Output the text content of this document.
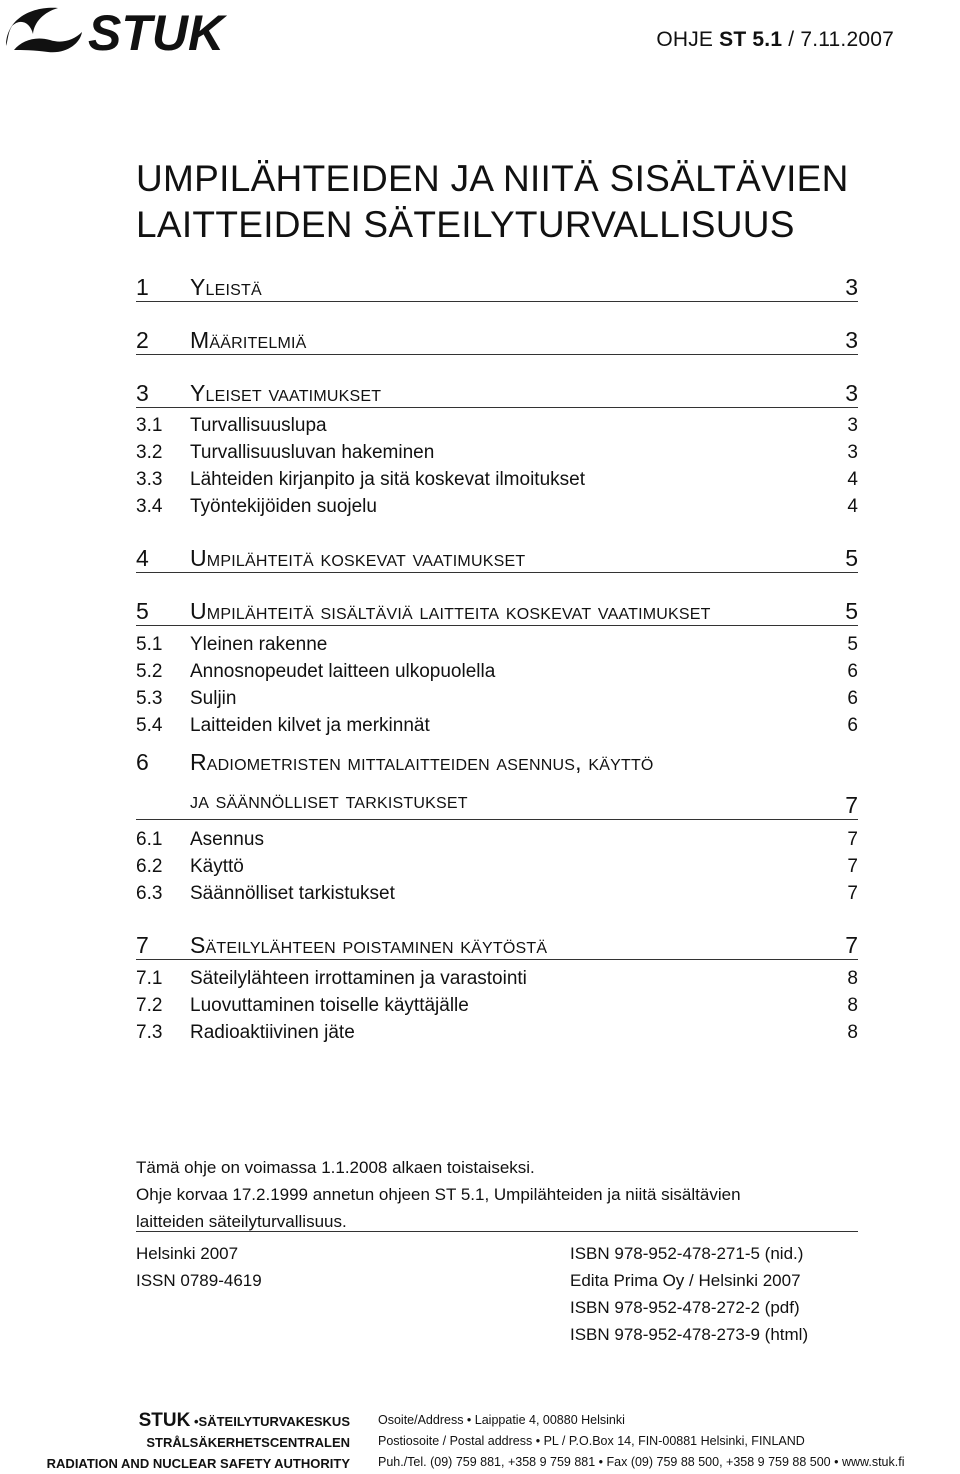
STUK	OHJE ST 5.1 / 7.11.2007
UMPILÄHTEIDEN JA NIITÄ SISÄLTÄVIEN
LAITTEIDEN SÄTEILYTURVALLISUUS
1	Yleistä	3
2	Määritelmiä	3
3	Yleiset vaatimukset	3
3.1	Turvallisuuslupa	3
3.2	Turvallisuusluvan hakeminen	3
3.3	Lähteiden kirjanpito ja sitä koskevat ilmoitukset	4
3.4	Työntekijöiden suojelu	4
4	Umpilähteitä koskevat vaatimukset	5
5	Umpilähteitä sisältäviä laitteita koskevat vaatimukset	5
5.1	Yleinen rakenne	5
5.2	Annosnopeudet laitteen ulkopuolella	6
5.3	Suljin	6
5.4	Laitteiden kilvet ja merkinnät	6
6	Radiometristen mittalaitteiden asennus, käyttö
ja säännölliset tarkistukset	7
6.1	Asennus	7
6.2	Käyttö	7
6.3	Säännölliset tarkistukset	7
7	Säteilylähteen poistaminen käytöstä	7
7.1	Säteilylähteen irrottaminen ja varastointi	8
7.2	Luovuttaminen toiselle käyttäjälle	8
7.3	Radioaktiivinen jäte	8
Tämä ohje on voimassa 1.1.2008 alkaen toistaiseksi.
Ohje korvaa 17.2.1999 annetun ohjeen ST 5.1, Umpilähteiden ja niitä sisältävien
laitteiden säteilyturvallisuus.
Helsinki 2007
ISSN 0789-4619
ISBN 978-952-478-271-5 (nid.)
Edita Prima Oy / Helsinki 2007
ISBN 978-952-478-272-2 (pdf)
ISBN 978-952-478-273-9 (html)
STUK •SÄTEILYTURVAKESKUS
STRÅLSÄKERHETSCENTRALEN
RADIATION AND NUCLEAR SAFETY AUTHORITY
Osoite/Address • Laippatie 4, 00880 Helsinki
Postiosoite / Postal address • PL / P.O.Box 14, FIN-00881 Helsinki, FINLAND
Puh./Tel. (09) 759 881, +358 9 759 881 • Fax (09) 759 88 500, +358 9 759 88 500 • www.stuk.fi
